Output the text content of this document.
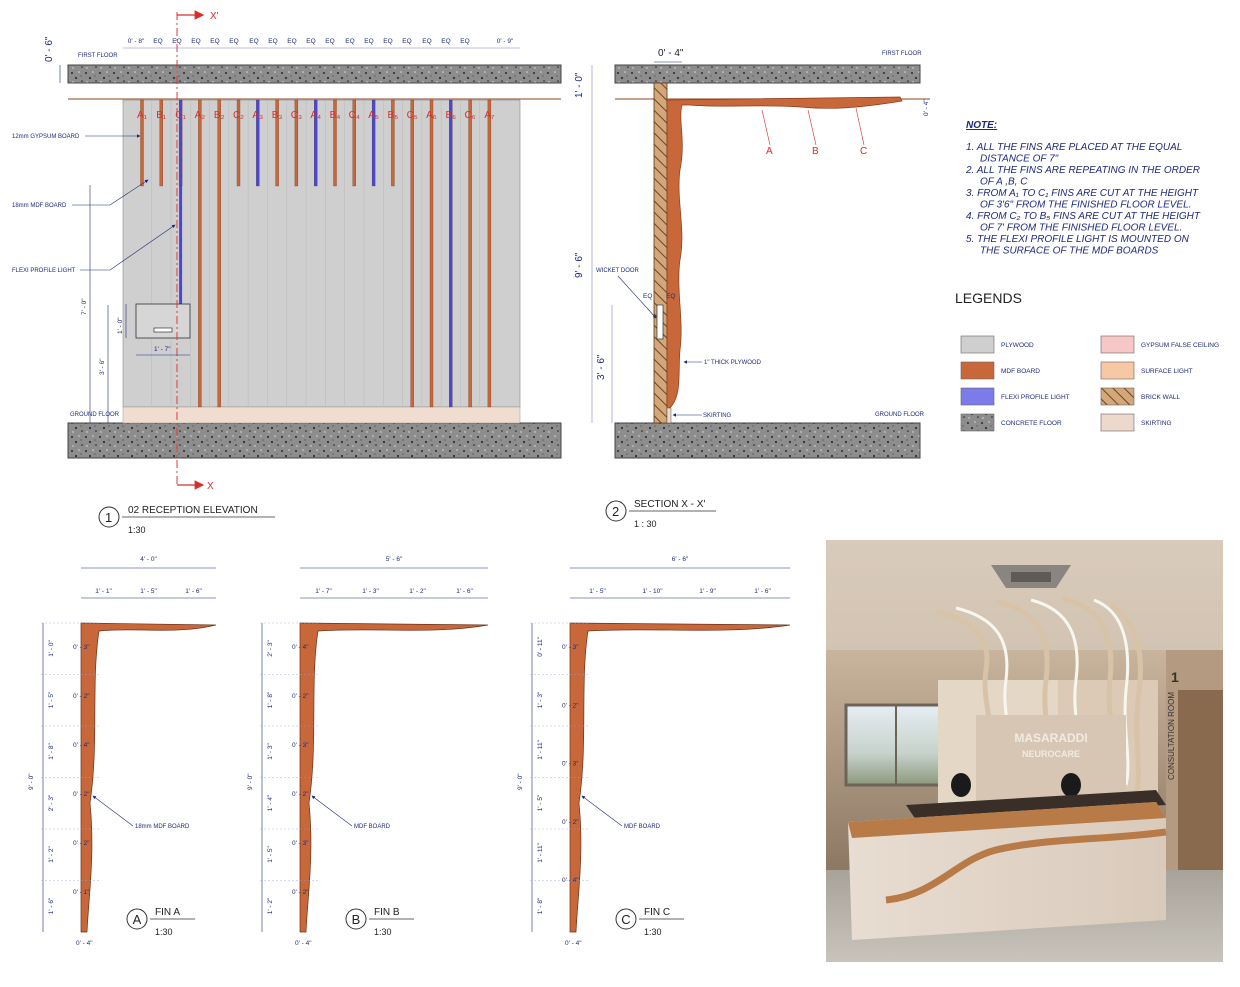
A₁ B₁ C₁ A₂ B₂ C₂ A₃ B₃ C₃ A₄ B₄ C₄ A₅ B₅ C₅ A₆ B₆ C₆ A₇
X'
X
0' - 8" EQ EQ EQ EQ EQ EQ EQ EQ EQ EQ EQ EQ EQ EQ EQ EQ EQ	0' - 9"
FIRST FLOOR
GROUND FLOOR
0' - 6"
12mm GYPSUM BOARD
18mm MDF BOARD
FLEXI PROFILE LIGHT
7' - 0"
3' - 6"
1' - 0"
1' - 7"
1 02 RECEPTION ELEVATION
1:30
0' - 4"
1' - 0"
9' - 6"
3' - 6"
0' - 4"
FIRST FLOOR
GROUND FLOOR
WICKET DOOR
EQ EQ
1" THICK PLYWOOD
SKIRTING
A	B	C
2 SECTION X - X'
1 : 30
NOTE:
1. ALL THE FINS ARE PLACED AT THE EQUAL
DISTANCE OF 7"
2. ALL THE FINS ARE REPEATING IN THE ORDER
OF A ,B, C
3. FROM A₁ TO C₁ FINS ARE CUT AT THE HEIGHT
OF 3'6" FROM THE FINISHED FLOOR LEVEL.
4. FROM C₂ TO B₅ FINS ARE CUT AT THE HEIGHT
OF 7' FROM THE FINISHED FLOOR LEVEL.
5. THE FLEXI PROFILE LIGHT IS MOUNTED ON
THE SURFACE OF THE MDF BOARDS
LEGENDS
PLYWOOD
MDF BOARD
FLEXI PROFILE LIGHT
CONCRETE FLOOR
GYPSUM FALSE CEILING
SURFACE LIGHT
BRICK WALL
SKIRTING
4' - 0"
1' - 1"	1' - 5"	1' - 6"
9' - 0"
1' - 0"
1' - 5"
1' - 8"
2' - 3"
1' - 2"
1' - 6"
0' - 3"
0' - 2"
0' - 4"
0' - 2"
0' - 2"
0' - 1"
0' - 4"
18mm MDF BOARD
A FIN A
1:30
5' - 6"
1' - 7"	1' - 3"	1' - 2"	1' - 6"
9' - 0"
2' - 3"
1' - 8"
1' - 3"
1' - 4"
1' - 5"
1' - 2"
0' - 4"
0' - 2"
0' - 3"
0' - 2"
0' - 3"
0' - 2"
0' - 4"
MDF BOARD
B FIN B
1:30
6' - 6"
1' - 5"	1' - 10"	1' - 9"	1' - 6"
9' - 0"
0' - 11"
1' - 3"
1' - 11"
1' - 5"
1' - 11"
1' - 8"
0' - 3"
0' - 2"
0' - 3"
0' - 2"
0' - 4"
0' - 4"
MDF BOARD
C FIN C
1:30
MASARADDI
NEUROCARE
1
CONSULTATION ROOM
